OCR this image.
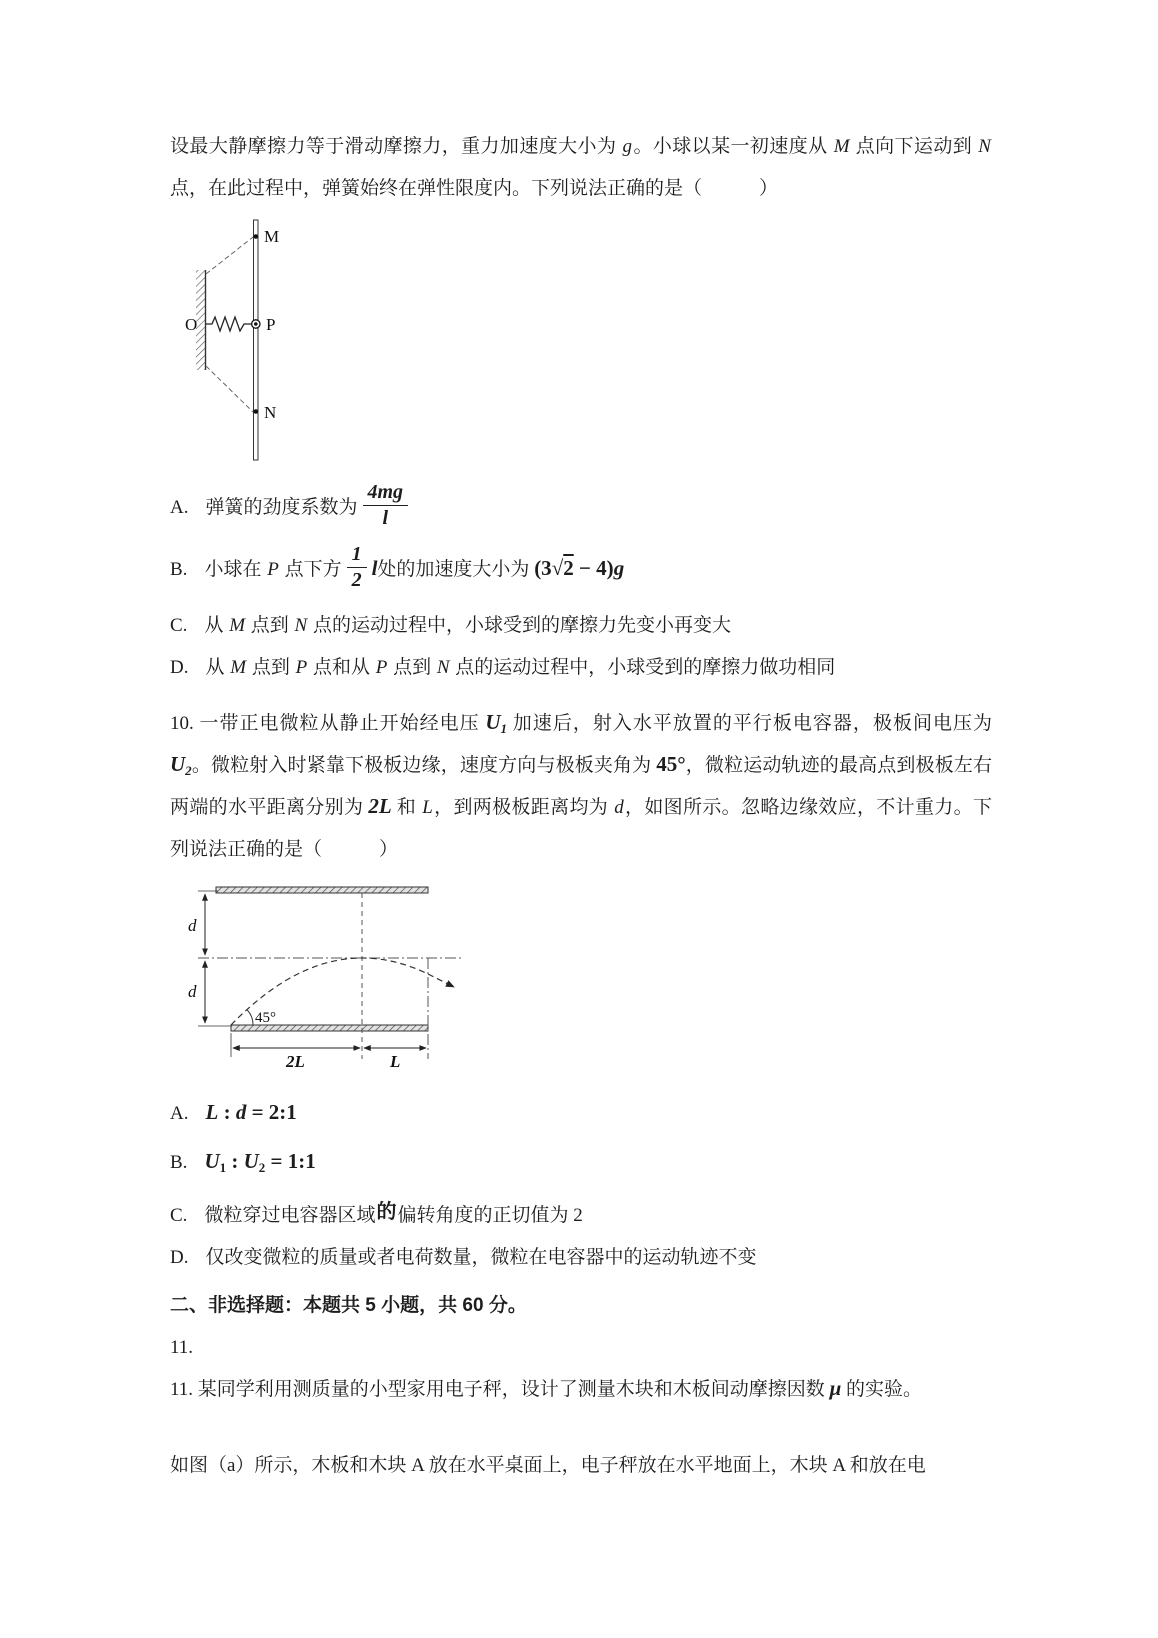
设最大静摩擦力等于滑动摩擦力，重力加速度大小为 g。小球以某一初速度从 M 点向下运动到 N 点，在此过程中，弹簧始终在弹性限度内。下列说法正确的是（　　　）

O
M
P
N
A. 弹簧的劲度系数为 $\frac{4mg}{l}$
B. 小球在 P 点下方 $\frac{1}{2}$ l处的加速度大小为 (3√2 − 4)g
C. 从 M 点到 N 点的运动过程中，小球受到的摩擦力先变小再变大
D. 从 M 点到 P 点和从 P 点到 N 点的运动过程中，小球受到的摩擦力做功相同

10. 一带正电微粒从静止开始经电压 $U_1$ 加速后，射入水平放置的平行板电容器，极板间电压为 $U_2$。微粒射入时紧靠下极板边缘，速度方向与极板夹角为 45°，微粒运动轨迹的最高点到极板左右两端的水平距离分别为 2L 和 L，到两极板距离均为 d，如图所示。忽略边缘效应，不计重力。下列说法正确的是（　　　）

d
d
45°
2L	L
A. L : d = 2:1
B. $U_1$ : $U_2$ = 1:1
C. 微粒穿过电容器区域的偏转角度的正切值为 2
D. 仅改变微粒的质量或者电荷数量，微粒在电容器中的运动轨迹不变

二、非选择题：本题共 5 小题，共 60 分。

11.

11. 某同学利用测质量的小型家用电子秤，设计了测量木块和木板间动摩擦因数 μ 的实验。

如图（a）所示，木板和木块 A 放在水平桌面上，电子秤放在水平地面上，木块 A 和放在电
